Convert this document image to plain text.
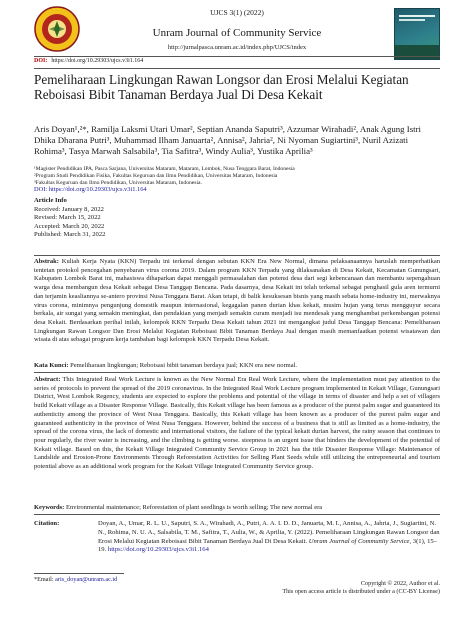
UJCS 3(1) (2022)
Unram Journal of Community Service
http://jurnalpasca.unram.ac.id/index.php/UJCS/index
DOI: https://doi.org/10.29303/ujcs.v3i1.164
Pemeliharaan Lingkungan Rawan Longsor dan Erosi Melalui Kegiatan Reboisasi Bibit Tanaman Berdaya Jual Di Desa Kekait
Aris Doyan¹,²*, Ramilja Laksmi Utari Umar², Septian Ananda Saputri³, Azzumar Wirahadi², Anak Agung Istri Dhika Dharana Putri³, Muhammad Ilham Januarta², Annisa², Jahria², Ni Nyoman Sugiartini³, Nuril Azizati Rohima³, Tasya Marwah Salsabila³, Tia Safitra³, Windy Aulia³, Yustika Aprilia³
¹Magister Pendidikan IPA, Pasca Sarjana, Universitas Mataram, Mataram, Lombok, Nusa Tenggara Barat, Indonesia
²Program Studi Pendidikan Fisika, Fakultas Keguruan dan Ilmu Pendidikan, Universitas Mataram, Indonesia
³Fakultas Keguruan dan Ilmu Pendidikan, Universitas Mataram, Indonesia.
DOI: https://doi.org/10.29303/ujcs.v3i1.164
Article Info
Received: January 8, 2022
Revised: March 15, 2022
Accepted: March 20, 2022
Published: March 31, 2022
Abstrak: Kuliah Kerja Nyata (KKN) Terpadu ini terkenal dengan sebutan KKN Era New Normal, dimana pelaksanaannya haruslah memperhatikan tentetan protokol pencegahan penyebaran virus corona 2019. Dalam program KKN Terpadu yang dilaksanakan di Desa Kekait, Kecamatan Gunungsari, Kabupaten Lombok Barat ini, mahasiswa dihaparkan dapat menggali permasalahan dan potensi desa dari segi kebencanaan dan membantu sepengahuan warga desa membangun desa Kekait sebagai Desa Tanggap Bencana. Pada dasarnya, desa Kekait ini telah terkenal sebagai penghasil gula aren termurni dan terjamin keasliannya se-antero provinsi Nusa Tenggara Barat. Akan tetapi, di balik kesuksesan bisnis yang masih sebata home-industry ini, merwaknya virus corona, minimnya pengunjung domestik maupun internasional, kegagalan panen durian khas kekait, musim hujan yang terus mengguyur secara berkala, air sungai yang semakin meningkat, dan pendakian yang menjadi semakin curam menjadi isu mendesak yang menghambat perkembangan potensi desa Kekait. Berdasarkan perihal inilah, kelompok KKN Terpadu Desa Kekait tahun 2021 ini mengangkat judul Desa Tanggap Bencana: Pemeliharaan Lingkungan Rawan Longsor Dan Erosi Melalui Kegiatan Reboisasi Bibit Tanaman Berdaya Jual dengan masih memanfaatkan potensi wisatawan dan wisata di atas sebagai program kerja tambahan bagi kelompok KKN Terpadu Desa Kekait.
Kata Kunci: Pemeliharaan lingkungan; Reboisasi bibit tanaman berdaya jual; KKN era new normal.
Abstract: This Integrated Real Work Lecture is known as the New Normal Era Real Work Lecture, where the implementation must pay attention to the series of protocols to prevent the spread of the 2019 coronavirus. In the Integrated Real Work Lecture program implemented in Kekait Village, Gunungsari District, West Lombok Regency, students are expected to explore the problems and potential of the village in terms of disaster and help a set of villagers build Kekait village as a Disaster Response Village. Basically, this Kekait village has been famous as a producer of the purest palm sugar and guaranteed its authenticity among the province of West Nusa Tenggara. Basically, this Kekait village has been known as a producer of the purest palm sugar and guaranteed authenticity in the province of West Nusa Tenggara. However, behind the success of a business that is still as limited as a home-industry, the spread of the corona virus, the lack of domestic and international visitors, the failure of the typical kekait durian harvest, the rainy season that continues to pour regularly, the river water is increasing, and the climbing is getting worse. steepness is an urgent issue that hinders the development of the potential of Kekait village. Based on this, the Kekait Village Integrated Community Service Group in 2021 has the title Disaster Response Village: Maintenance of Landslide and Erosion-Prone Environments Through Reforestation Activities for Selling Plant Seeds while still utilizing the entrepreneurial and tourism potential above as an additional work program for the Kekait Village Integrated Community Service group.
Keywords: Environmental maintenance; Reforestation of plant seedlings is worth selling; The new normal era
Citation:	Doyan, A., Umar, R. L. U., Saputri, S. A., Wirahadi, A., Putri, A. A. I. D. D., Januarta, M. I., Annisa, A., Jahria, J., Sugiartini, N. N., Rohima, N. U. A., Salsabila, T. M., Safitra, T., Aulia, W., & Aprilia, Y. (2022). Pemeliharaan Lingkungan Rawan Longsor dan Erosi Melalui Kegiatan Reboisasi Bibit Tanaman Berdaya Jual Di Desa Kekait. Unram Journal of Community Service, 3(1), 15–19. https://doi.org/10.29303/ujcs.v3i1.164
*Email: aris_doyan@unram.ac.id
Copyright © 2022, Author et al.
This open access article is distributed under a (CC-BY License)
